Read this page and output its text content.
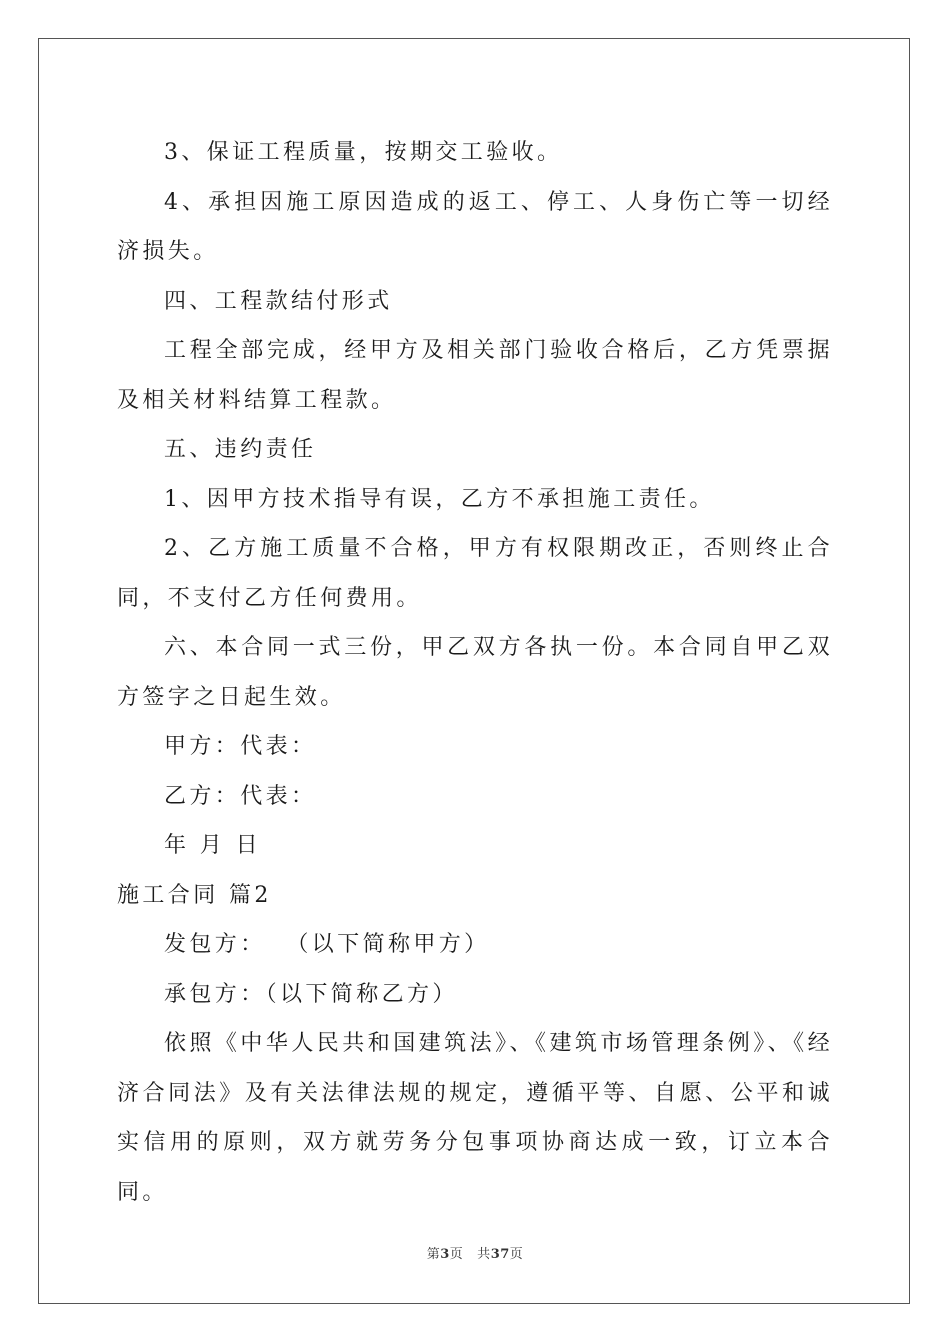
3、保证工程质量，按期交工验收。

4、承担因施工原因造成的返工、停工、人身伤亡等一切经济损失。

四、工程款结付形式

工程全部完成，经甲方及相关部门验收合格后，乙方凭票据及相关材料结算工程款。

五、违约责任

1、因甲方技术指导有误，乙方不承担施工责任。

2、乙方施工质量不合格，甲方有权限期改正，否则终止合同，不支付乙方任何费用。

六、本合同一式三份，甲乙双方各执一份。本合同自甲乙双方签字之日起生效。

甲方：代表：

乙方：代表：

年 月 日

施工合同 篇2

发包方：  （以下简称甲方）

承包方：（以下简称乙方）

依照《中华人民共和国建筑法》、《建筑市场管理条例》、《经济合同法》及有关法律法规的规定，遵循平等、自愿、公平和诚实信用的原则，双方就劳务分包事项协商达成一致，订立本合同。

第3页 共37页
